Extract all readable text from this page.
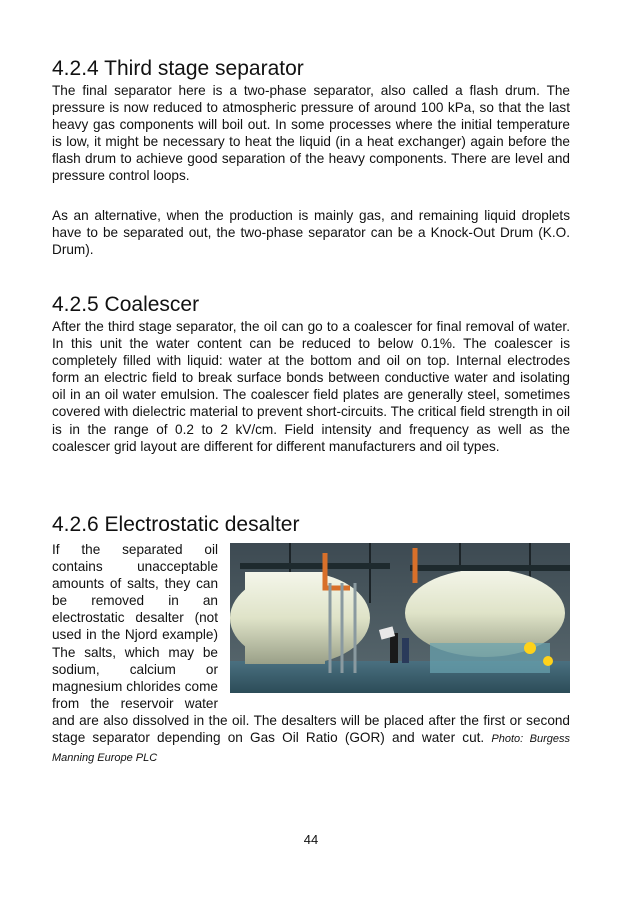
4.2.4 Third stage separator

The final separator here is a two-phase separator, also called a flash drum. The pressure is now reduced to atmospheric pressure of around 100 kPa, so that the last heavy gas components will boil out. In some processes where the initial temperature is low, it might be necessary to heat the liquid (in a heat exchanger) again before the flash drum to achieve good separation of the heavy components. There are level and pressure control loops.

As an alternative, when the production is mainly gas, and remaining liquid droplets have to be separated out, the two-phase separator can be a Knock-Out Drum (K.O. Drum).

4.2.5 Coalescer

After the third stage separator, the oil can go to a coalescer for final removal of water. In this unit the water content can be reduced to below 0.1%. The coalescer is completely filled with liquid: water at the bottom and oil on top. Internal electrodes form an electric field to break surface bonds between conductive water and isolating oil in an oil water emulsion. The coalescer field plates are generally steel, sometimes covered with dielectric material to prevent short-circuits. The critical field strength in oil is in the range of 0.2 to 2 kV/cm. Field intensity and frequency as well as the coalescer grid layout are different for different manufacturers and oil types.

4.2.6 Electrostatic desalter

If the separated oil contains unacceptable amounts of salts, they can be removed in an electrostatic desalter (not used in the Njord example) The salts, which may be sodium, calcium or magnesium chlorides come from the reservoir water and are also dissolved in the oil. The desalters will be placed after the first or second stage separator depending on Gas Oil Ratio (GOR) and water cut. Photo: Burgess Manning Europe PLC

44
